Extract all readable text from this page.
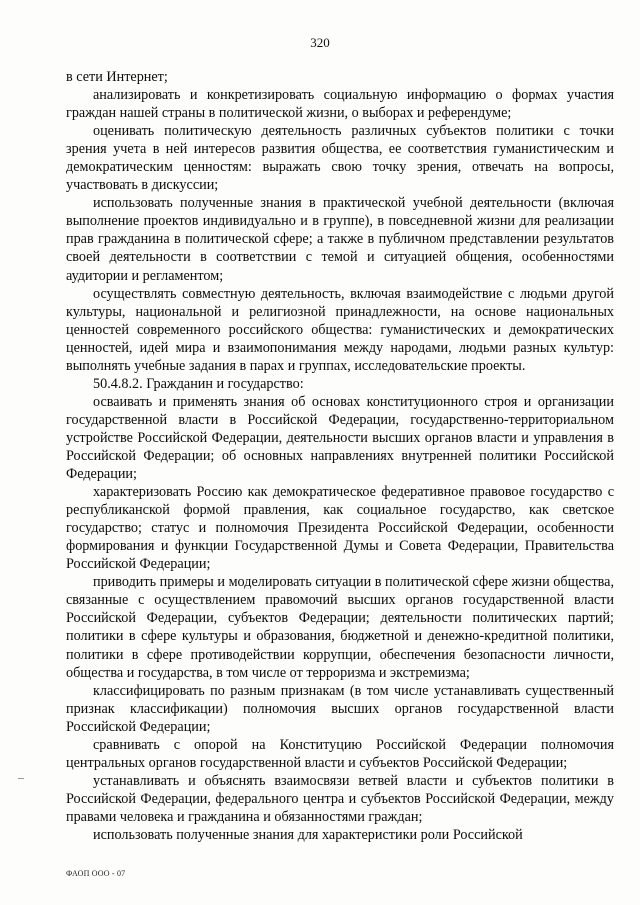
320

в сети Интернет;

анализировать и конкретизировать социальную информацию о формах участия граждан нашей страны в политической жизни, о выборах и референдуме;

оценивать политическую деятельность различных субъектов политики с точки зрения учета в ней интересов развития общества, ее соответствия гуманистическим и демократическим ценностям: выражать свою точку зрения, отвечать на вопросы, участвовать в дискуссии;

использовать полученные знания в практической учебной деятельности (включая выполнение проектов индивидуально и в группе), в повседневной жизни для реализации прав гражданина в политической сфере; а также в публичном представлении результатов своей деятельности в соответствии с темой и ситуацией общения, особенностями аудитории и регламентом;

осуществлять совместную деятельность, включая взаимодействие с людьми другой культуры, национальной и религиозной принадлежности, на основе национальных ценностей современного российского общества: гуманистических и демократических ценностей, идей мира и взаимопонимания между народами, людьми разных культур: выполнять учебные задания в парах и группах, исследовательские проекты.

50.4.8.2. Гражданин и государство:

осваивать и применять знания об основах конституционного строя и организации государственной власти в Российской Федерации, государственно-территориальном устройстве Российской Федерации, деятельности высших органов власти и управления в Российской Федерации; об основных направлениях внутренней политики Российской Федерации;

характеризовать Россию как демократическое федеративное правовое государство с республиканской формой правления, как социальное государство, как светское государство; статус и полномочия Президента Российской Федерации, особенности формирования и функции Государственной Думы и Совета Федерации, Правительства Российской Федерации;

приводить примеры и моделировать ситуации в политической сфере жизни общества, связанные с осуществлением правомочий высших органов государственной власти Российской Федерации, субъектов Федерации; деятельности политических партий; политики в сфере культуры и образования, бюджетной и денежно-кредитной политики, политики в сфере противодействии коррупции, обеспечения безопасности личности, общества и государства, в том числе от терроризма и экстремизма;

классифицировать по разным признакам (в том числе устанавливать существенный признак классификации) полномочия высших органов государственной власти Российской Федерации;

сравнивать с опорой на Конституцию Российской Федерации полномочия центральных органов государственной власти и субъектов Российской Федерации;

устанавливать и объяснять взаимосвязи ветвей власти и субъектов политики в Российской Федерации, федерального центра и субъектов Российской Федерации, между правами человека и гражданина и обязанностями граждан;

использовать полученные знания для характеристики роли Российской

ФАОП ООО - 07
